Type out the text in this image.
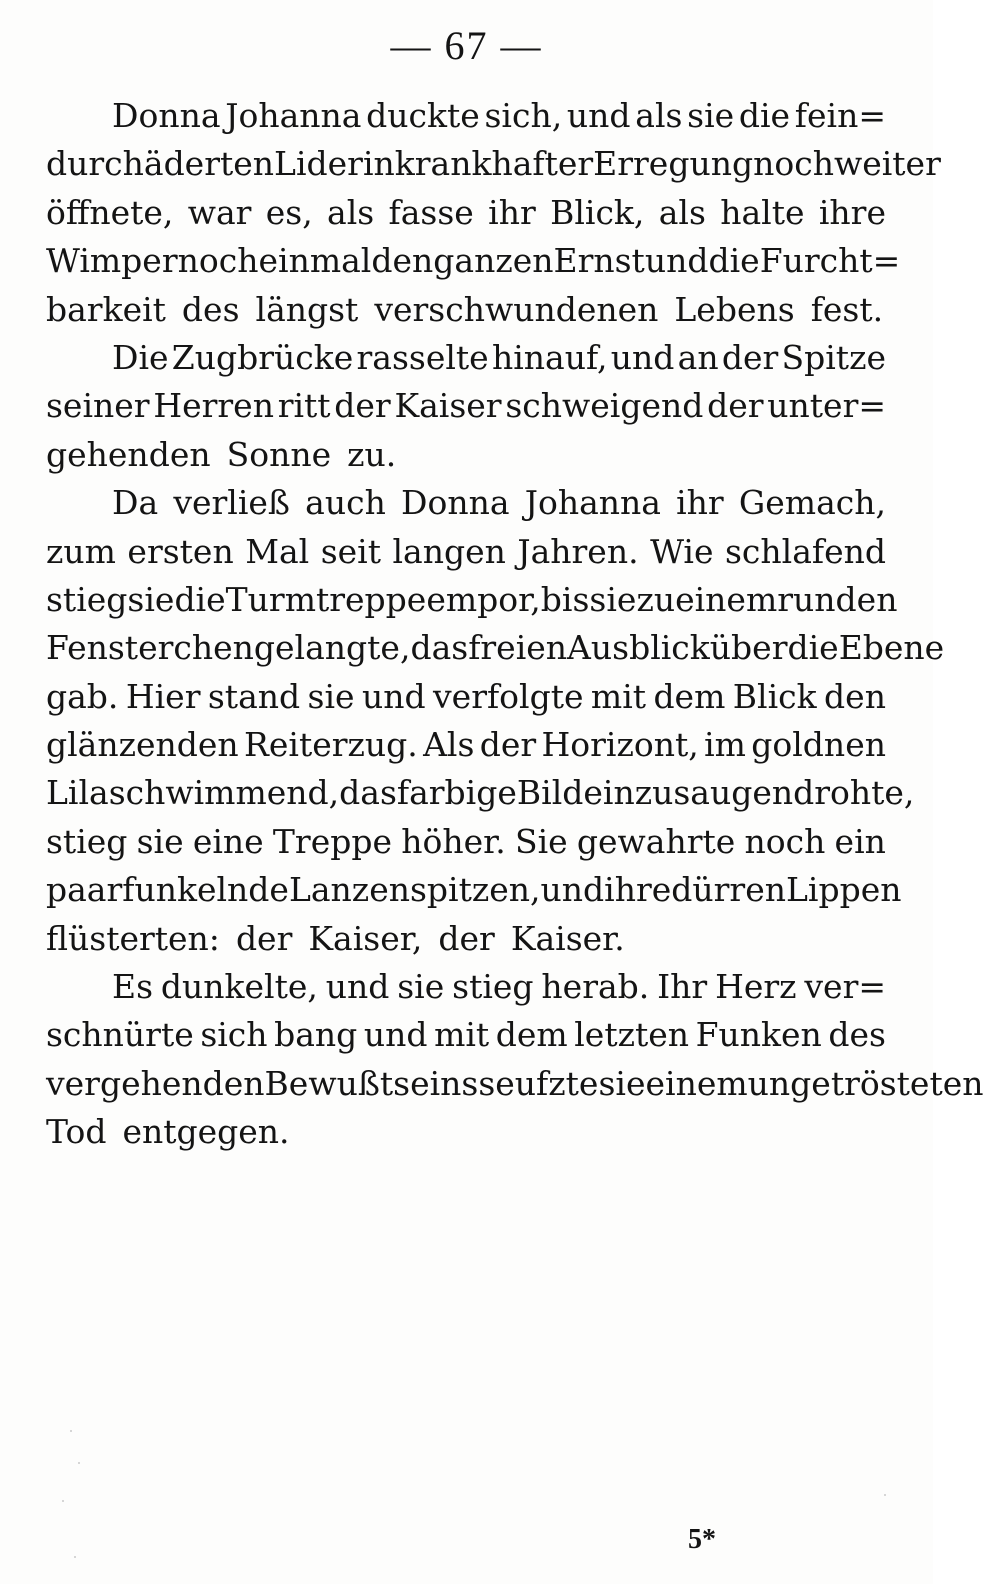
— 67 —
Donna Johanna duckte sich, und als sie die fein=
durchäderten Lider in krankhafter Erregung noch weiter
öffnete, war es, als fasse ihr Blick, als halte ihre
Wimper noch einmal den ganzen Ernst und die Furcht=
barkeit des längst verschwundenen Lebens fest.
Die Zugbrücke rasselte hinauf, und an der Spitze
seiner Herren ritt der Kaiser schweigend der unter=
gehenden Sonne zu.
Da verließ auch Donna Johanna ihr Gemach,
zum ersten Mal seit langen Jahren. Wie schlafend
stieg sie die Turmtreppe empor, bis sie zu einem runden
Fensterchen gelangte, das freien Ausblick über die Ebene
gab. Hier stand sie und verfolgte mit dem Blick den
glänzenden Reiterzug. Als der Horizont, im goldnen
Lila schwimmend, das farbige Bild einzusaugen drohte,
stieg sie eine Treppe höher. Sie gewahrte noch ein
paar funkelnde Lanzenspitzen, und ihre dürren Lippen
flüsterten: der Kaiser, der Kaiser.
Es dunkelte, und sie stieg herab. Ihr Herz ver=
schnürte sich bang und mit dem letzten Funken des
vergehenden Bewußtseins seufzte sie einem ungetrösteten
Tod entgegen.
5*
